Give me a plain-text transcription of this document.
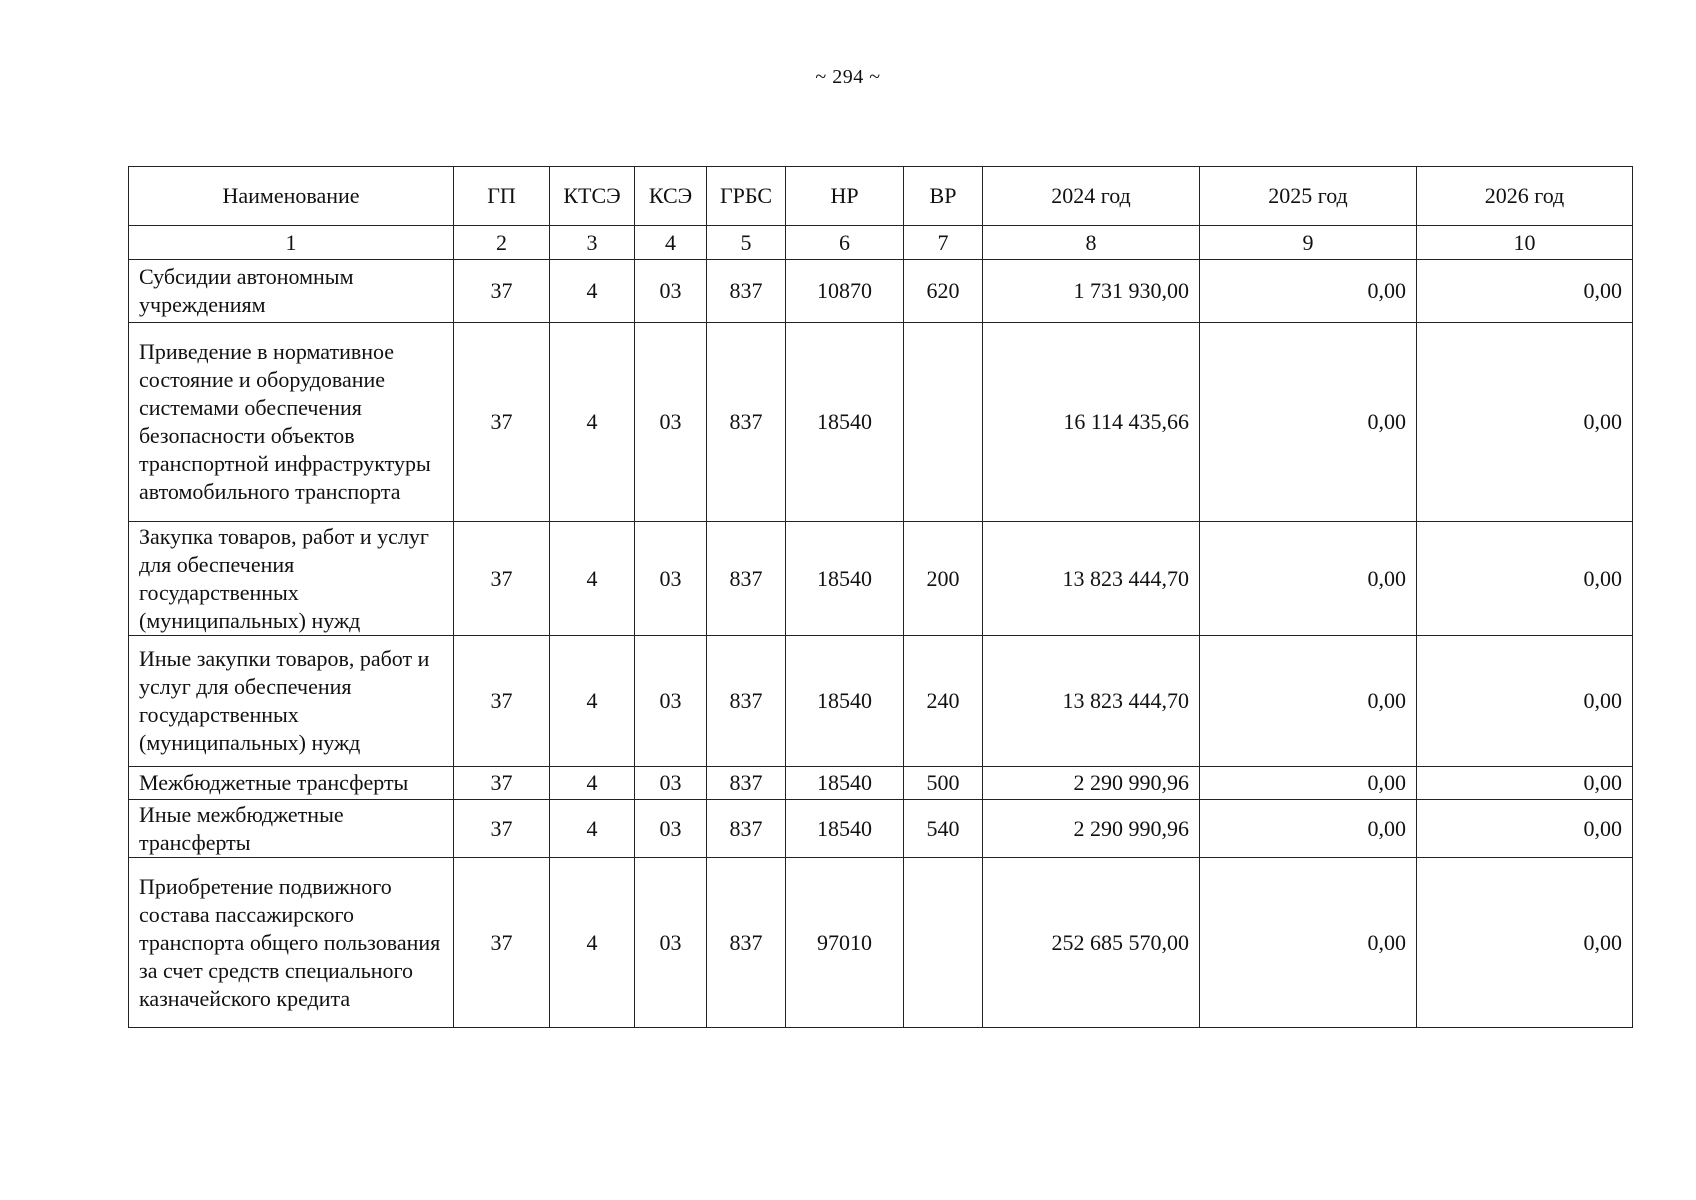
~ 294 ~
Наименование	ГП	КТСЭ	КСЭ	ГРБС	НР	ВР	2024 год	2025 год	2026 год
1	2	3	4	5	6	7	8	9	10
Субсидии автономным учреждениям	37	4	03	837	10870	620	1 731 930,00	0,00	0,00
Приведение в нормативное состояние и оборудование системами обеспечения безопасности объектов транспортной инфраструктуры автомобильного транспорта	37	4	03	837	18540		16 114 435,66	0,00	0,00
Закупка товаров, работ и услуг для обеспечения государственных (муниципальных) нужд	37	4	03	837	18540	200	13 823 444,70	0,00	0,00
Иные закупки товаров, работ и услуг для обеспечения государственных (муниципальных) нужд	37	4	03	837	18540	240	13 823 444,70	0,00	0,00
Межбюджетные трансферты	37	4	03	837	18540	500	2 290 990,96	0,00	0,00
Иные межбюджетные трансферты	37	4	03	837	18540	540	2 290 990,96	0,00	0,00
Приобретение подвижного состава пассажирского транспорта общего пользования за счет средств специального казначейского кредита	37	4	03	837	97010		252 685 570,00	0,00	0,00
